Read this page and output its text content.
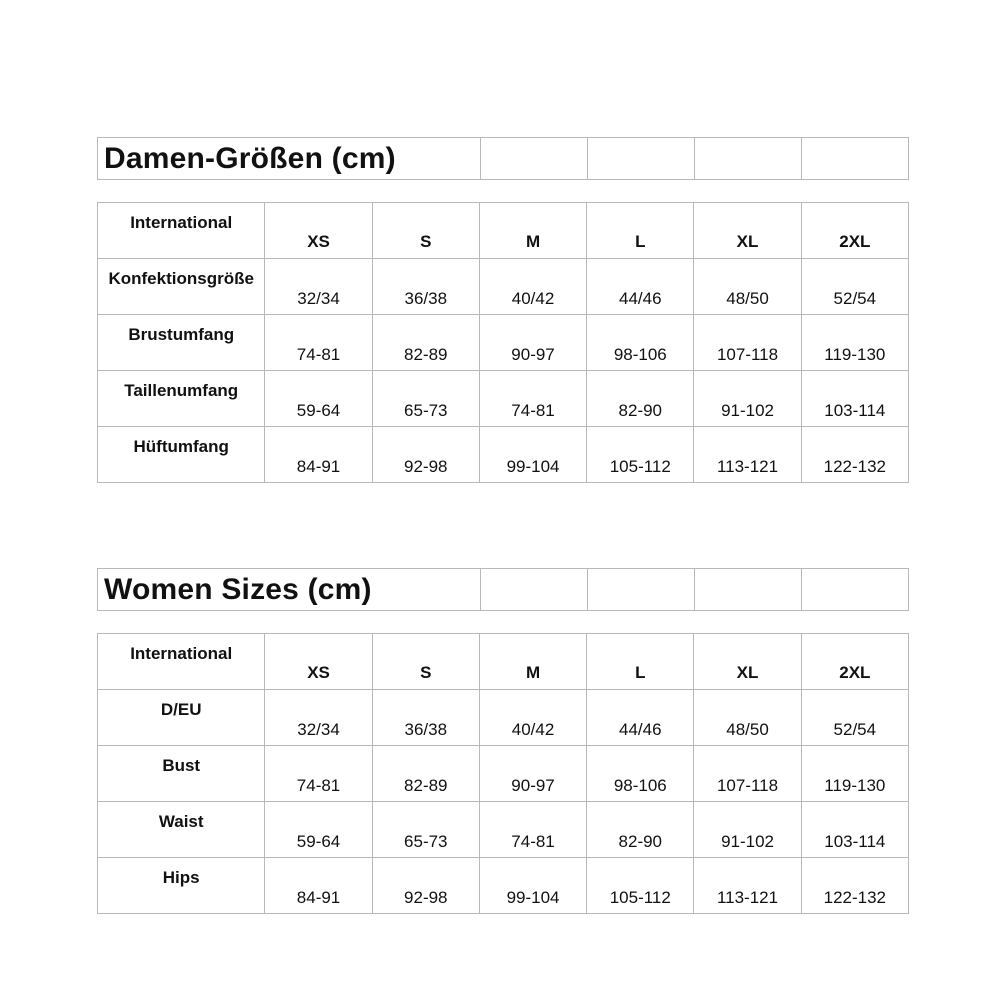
Damen-Größen (cm)				
International	XS	S	M	L	XL	2XL
Konfektionsgröße	32/34	36/38	40/42	44/46	48/50	52/54
Brustumfang	74-81	82-89	90-97	98-106	107-118	119-130
Taillenumfang	59-64	65-73	74-81	82-90	91-102	103-114
Hüftumfang	84-91	92-98	99-104	105-112	113-121	122-132
Women Sizes (cm)				
International	XS	S	M	L	XL	2XL
D/EU	32/34	36/38	40/42	44/46	48/50	52/54
Bust	74-81	82-89	90-97	98-106	107-118	119-130
Waist	59-64	65-73	74-81	82-90	91-102	103-114
Hips	84-91	92-98	99-104	105-112	113-121	122-132
